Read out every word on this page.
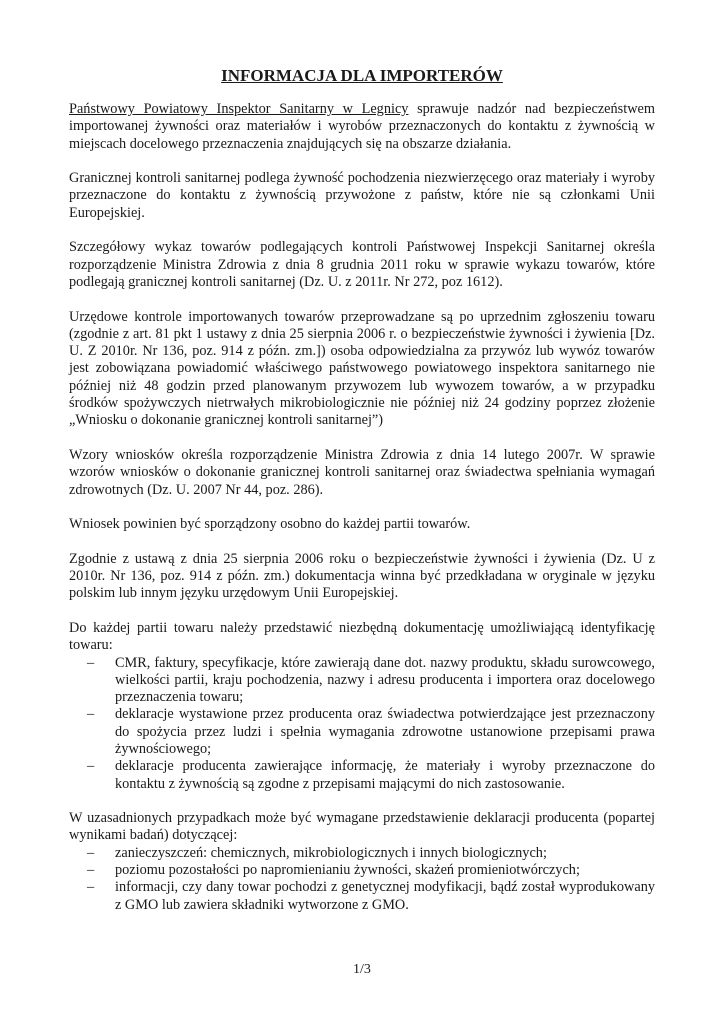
INFORMACJA DLA IMPORTERÓW

Państwowy Powiatowy Inspektor Sanitarny w Legnicy sprawuje nadzór nad bezpieczeństwem importowanej żywności oraz materiałów i wyrobów przeznaczonych do kontaktu z żywnością w miejscach docelowego przeznaczenia znajdujących się na obszarze działania.

Granicznej kontroli sanitarnej podlega żywność pochodzenia niezwierzęcego oraz materiały i wyroby przeznaczone do kontaktu z żywnością przywożone z państw, które nie są członkami Unii Europejskiej.

Szczegółowy wykaz towarów podlegających kontroli Państwowej Inspekcji Sanitarnej określa rozporządzenie Ministra Zdrowia z dnia 8 grudnia 2011 roku w sprawie wykazu towarów, które podlegają granicznej kontroli sanitarnej (Dz. U. z 2011r. Nr 272, poz 1612).

Urzędowe kontrole importowanych towarów przeprowadzane są po uprzednim zgłoszeniu towaru (zgodnie z art. 81 pkt 1 ustawy z dnia 25 sierpnia 2006 r. o bezpieczeństwie żywności i żywienia [Dz. U. Z 2010r. Nr 136, poz. 914 z późn. zm.]) osoba odpowiedzialna za przywóz lub wywóz towarów jest zobowiązana powiadomić właściwego państwowego powiatowego inspektora sanitarnego nie później niż 48 godzin przed planowanym przywozem lub wywozem towarów, a w przypadku środków spożywczych nietrwałych mikrobiologicznie nie później niż 24 godziny poprzez złożenie „Wniosku o dokonanie granicznej kontroli sanitarnej”)

Wzory wniosków określa rozporządzenie Ministra Zdrowia z dnia 14 lutego 2007r. W sprawie wzorów wniosków o dokonanie granicznej kontroli sanitarnej oraz świadectwa spełniania wymagań zdrowotnych (Dz. U. 2007 Nr 44, poz. 286).

Wniosek powinien być sporządzony osobno do każdej partii towarów.

Zgodnie z ustawą z dnia 25 sierpnia 2006 roku o bezpieczeństwie żywności i żywienia (Dz. U z 2010r. Nr 136, poz. 914 z późn. zm.) dokumentacja winna być przedkładana w oryginale w języku polskim lub innym języku urzędowym Unii Europejskiej.

Do każdej partii towaru należy przedstawić niezbędną dokumentację umożliwiającą identyfikację towaru:

– CMR, faktury, specyfikacje, które zawierają dane dot. nazwy produktu, składu surowcowego, wielkości partii, kraju pochodzenia, nazwy i adresu producenta i importera oraz docelowego przeznaczenia towaru;
– deklaracje wystawione przez producenta oraz świadectwa potwierdzające jest przeznaczony do spożycia przez ludzi i spełnia wymagania zdrowotne ustanowione przepisami prawa żywnościowego;
– deklaracje producenta zawierające informację, że materiały i wyroby przeznaczone do kontaktu z żywnością są zgodne z przepisami mającymi do nich zastosowanie.

W uzasadnionych przypadkach może być wymagane przedstawienie deklaracji producenta (popartej wynikami badań) dotyczącej:

– zanieczyszczeń: chemicznych, mikrobiologicznych i innych biologicznych;
– poziomu pozostałości po napromienianiu żywności, skażeń promieniotwórczych;
– informacji, czy dany towar pochodzi z genetycznej modyfikacji, bądź został wyprodukowany z GMO lub zawiera składniki wytworzone z GMO.
1/3
